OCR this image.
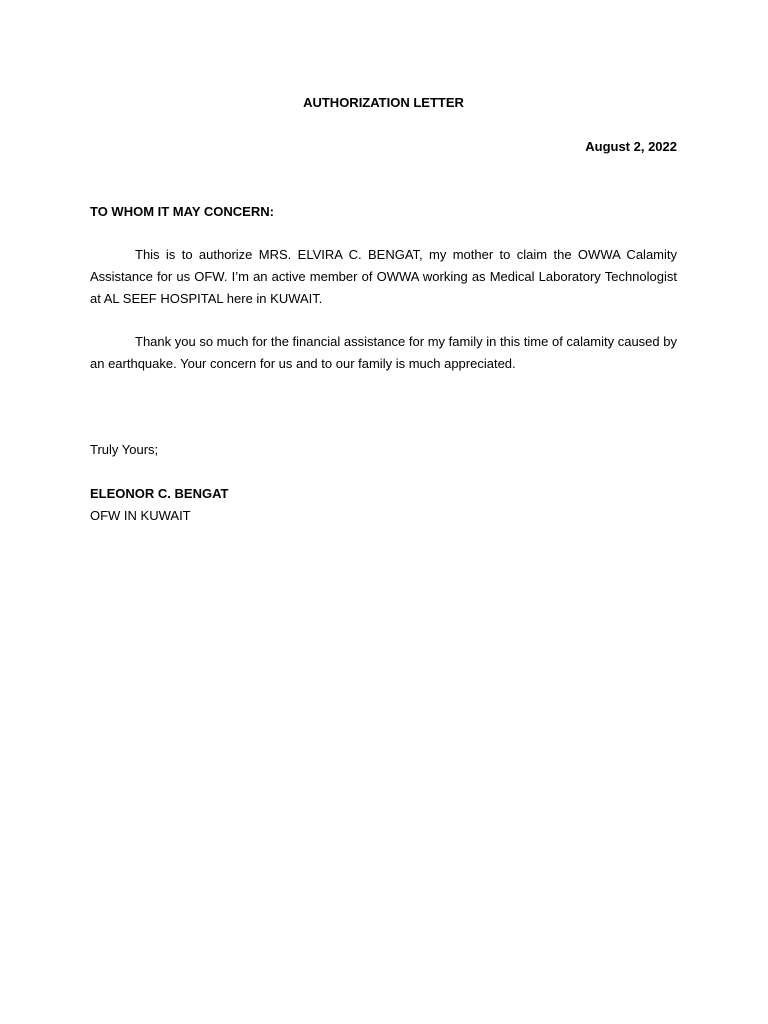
AUTHORIZATION LETTER
August 2, 2022
TO WHOM IT MAY CONCERN:

This is to authorize MRS. ELVIRA C. BENGAT, my mother to claim the OWWA Calamity Assistance for us OFW. I’m an active member of OWWA working as Medical Laboratory Technologist at AL SEEF HOSPITAL here in KUWAIT.

Thank you so much for the financial assistance for my family in this time of calamity caused by an earthquake. Your concern for us and to our family is much appreciated.

Truly Yours;
ELEONOR C. BENGAT
OFW IN KUWAIT
